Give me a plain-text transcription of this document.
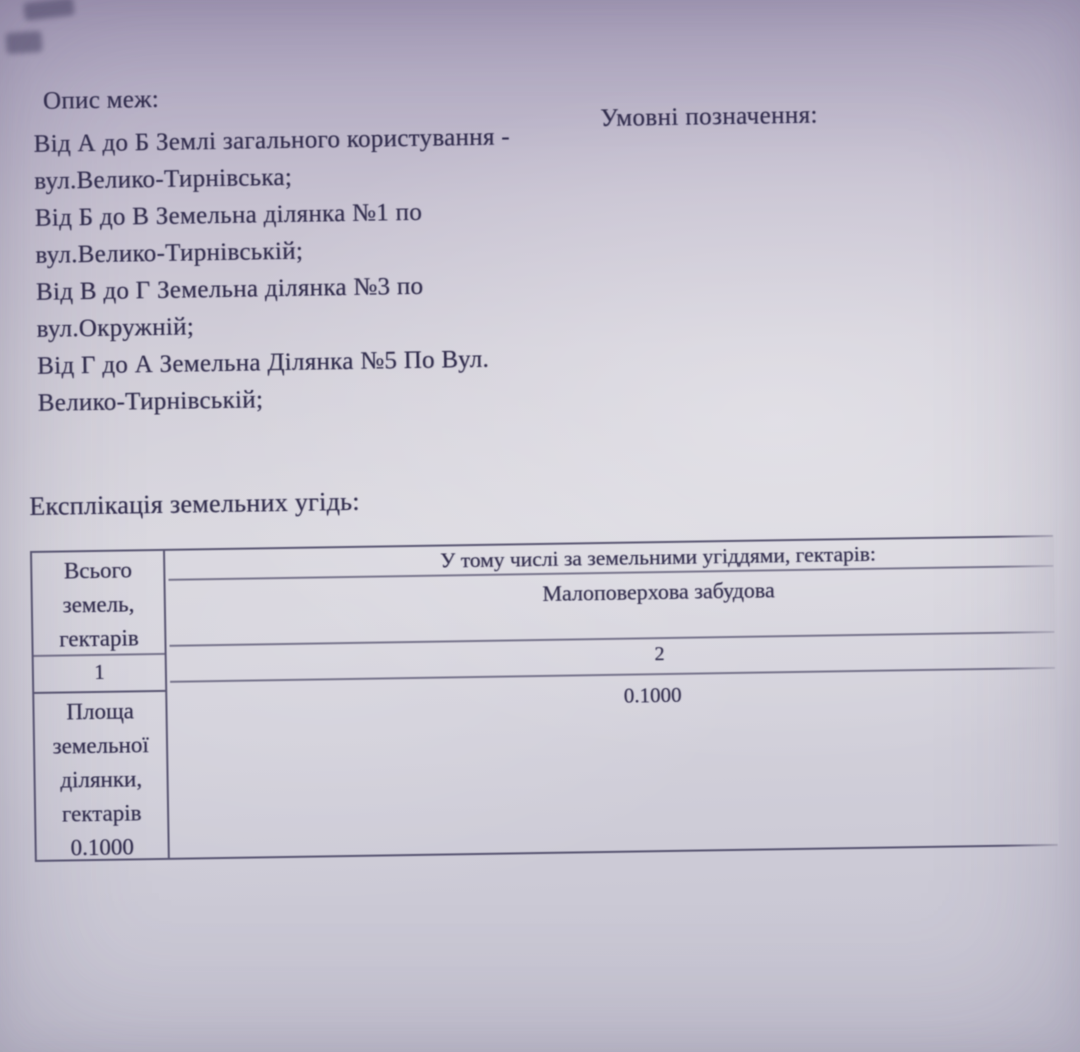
Опис меж:
Умовні позначення:
Від А до Б Землі загального користування -
вул.Велико-Тирнівська;
Від Б до В Земельна ділянка №1 по
вул.Велико-Тирнівській;
Від В до Г Земельна ділянка №3 по
вул.Окружній;
Від Г до А Земельна Ділянка №5 По Вул.
Велико-Тирнівській;
Експлікація земельних угідь:
Всього
земель,
гектарів
1
Площа
земельної
ділянки,
гектарів
0.1000
У тому числі за земельними угіддями, гектарів:
Малоповерхова забудова
2
0.1000
